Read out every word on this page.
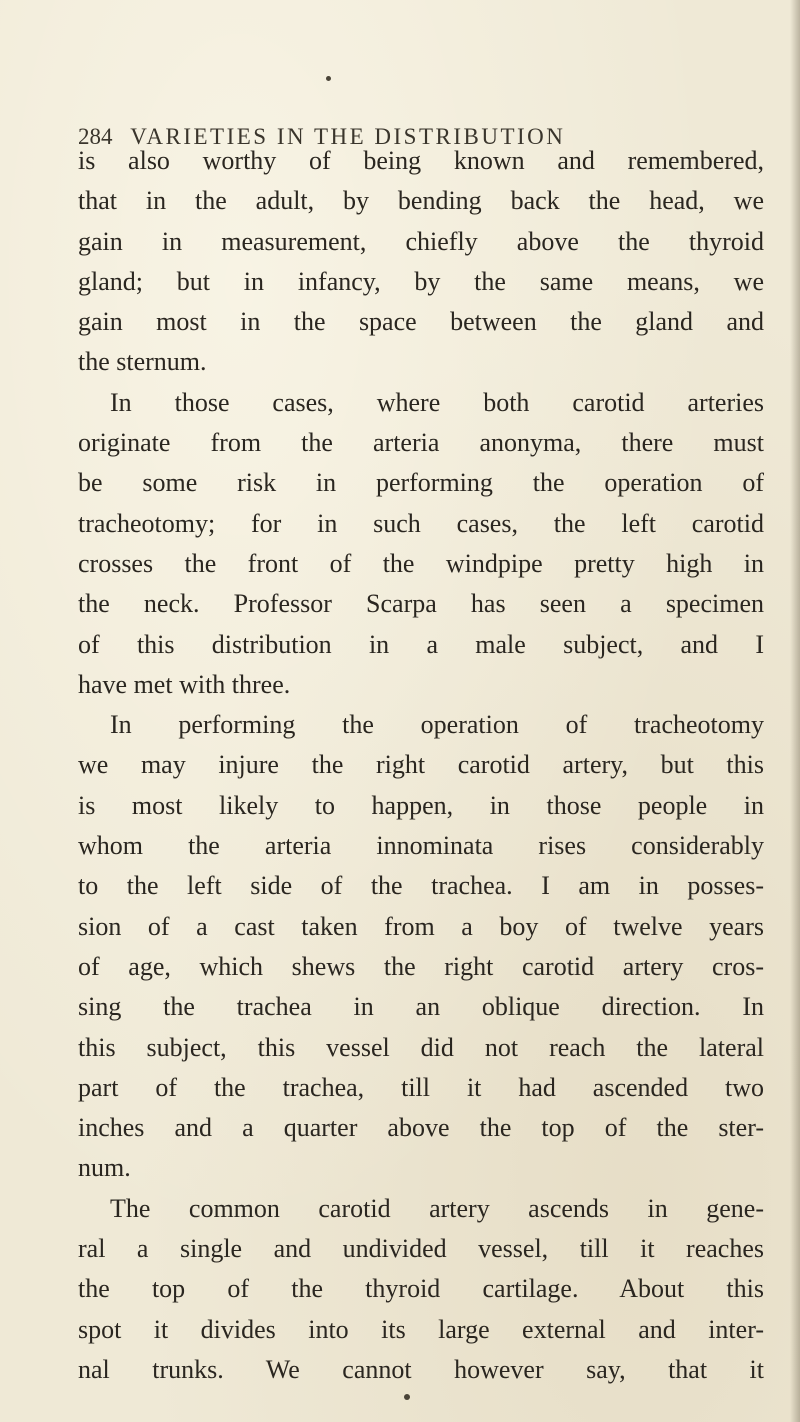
284 VARIETIES IN THE DISTRIBUTION
is also worthy of being known and remembered,
that in the adult, by bending back the head, we
gain in measurement, chiefly above the thyroid
gland; but in infancy, by the same means, we
gain most in the space between the gland and
the sternum.
In those cases, where both carotid arteries
originate from the arteria anonyma, there must
be some risk in performing the operation of
tracheotomy; for in such cases, the left carotid
crosses the front of the windpipe pretty high in
the neck. Professor Scarpa has seen a specimen
of this distribution in a male subject, and I
have met with three.
In performing the operation of tracheotomy
we may injure the right carotid artery, but this
is most likely to happen, in those people in
whom the arteria innominata rises considerably
to the left side of the trachea. I am in posses-
sion of a cast taken from a boy of twelve years
of age, which shews the right carotid artery cros-
sing the trachea in an oblique direction. In
this subject, this vessel did not reach the lateral
part of the trachea, till it had ascended two
inches and a quarter above the top of the ster-
num.
The common carotid artery ascends in gene-
ral a single and undivided vessel, till it reaches
the top of the thyroid cartilage. About this
spot it divides into its large external and inter-
nal trunks. We cannot however say, that it
